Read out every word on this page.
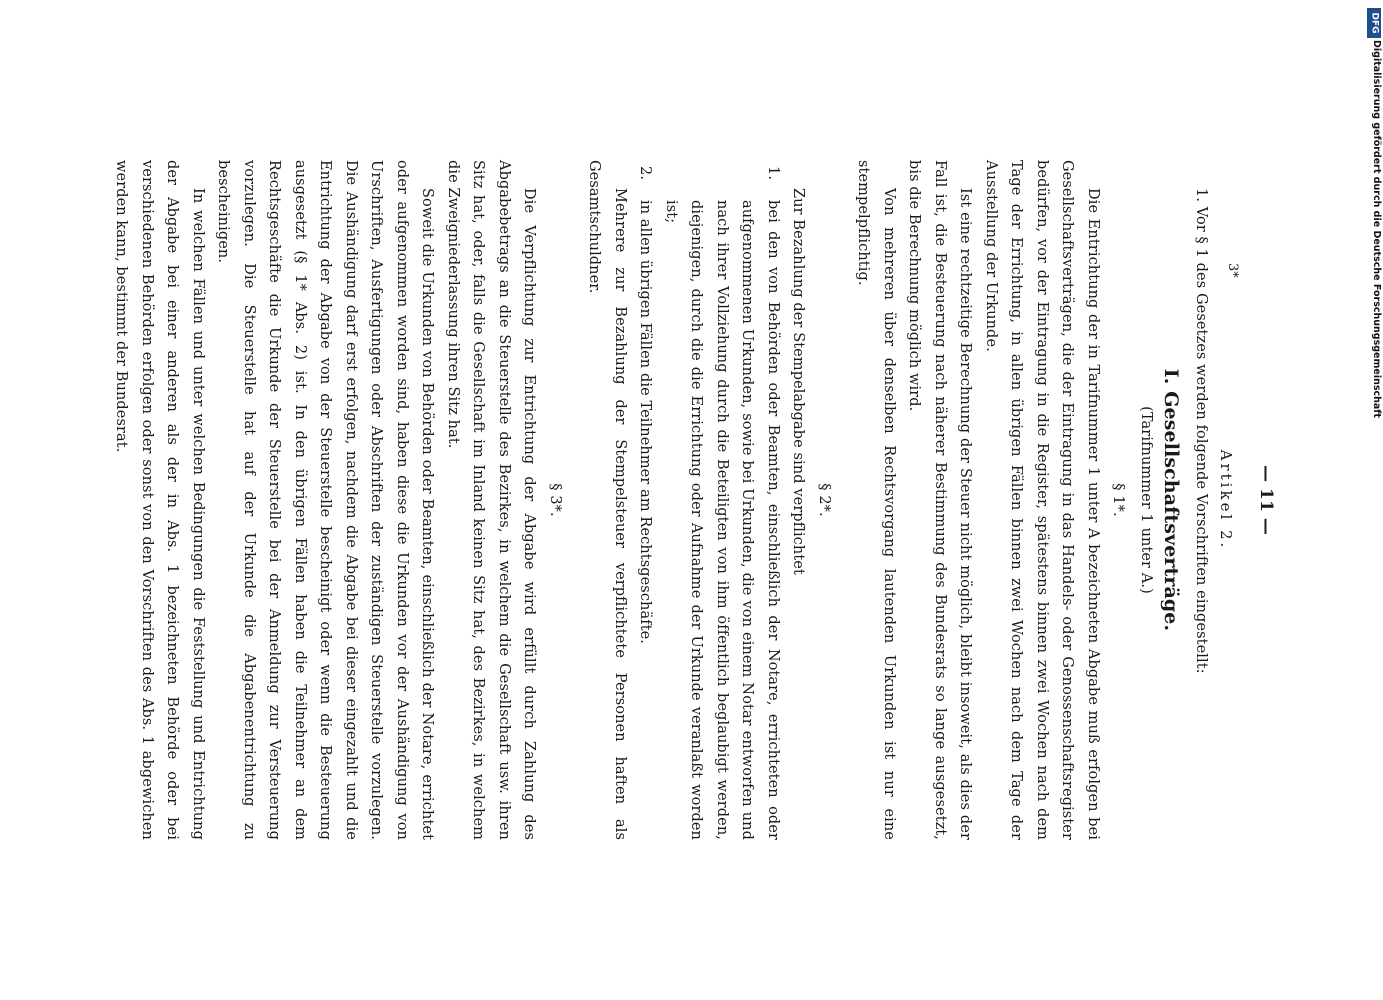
— 11 —
Artikel 2.

1. Vor § 1 des Gesetzes werden folgende Vorschriften eingestellt:

I. Gesellschaftsverträge.
(Tarifnummer 1 unter A.)
§ 1*.

Die Entrichtung der in Tarifnummer 1 unter A bezeichneten Abgabe muß erfolgen bei Gesellschaftsverträgen, die der Eintragung in das Handels- oder Genossenschaftsregister bedürfen, vor der Eintragung in die Register, spätestens binnen zwei Wochen nach dem Tage der Errichtung, in allen übrigen Fällen binnen zwei Wochen nach dem Tage der Ausstellung der Urkunde.

Ist eine rechtzeitige Berechnung der Steuer nicht möglich, bleibt insoweit, als dies der Fall ist, die Besteuerung nach näherer Bestimmung des Bundesrats so lange ausgesetzt, bis die Berechnung möglich wird.

Von mehreren über denselben Rechtsvorgang lautenden Urkunden ist nur eine stempelpflichtig.

§ 2*.

Zur Bezahlung der Stempelabgabe sind verpflichtet

1.
bei den von Behörden oder Beamten, einschließlich der Notare, errichteten oder aufgenommenen Urkunden, sowie bei Urkunden, die von einem Notar entworfen und nach ihrer Vollziehung durch die Beteiligten von ihm öffentlich beglaubigt werden, diejenigen, durch die die Errichtung oder Aufnahme der Urkunde veranlaßt worden ist;
2.
in allen übrigen Fällen die Teilnehmer am Rechtsgeschäfte.

Mehrere zur Bezahlung der Stempelsteuer verpflichtete Personen haften als Gesamtschuldner.

§ 3*.

Die Verpflichtung zur Entrichtung der Abgabe wird erfüllt durch Zahlung des Abgabebetrags an die Steuerstelle des Bezirkes, in welchem die Gesellschaft usw. ihren Sitz hat, oder, falls die Gesellschaft im Inland keinen Sitz hat, des Bezirkes, in welchem die Zweigniederlassung ihren Sitz hat.

Soweit die Urkunden von Behörden oder Beamten, einschließlich der Notare, errichtet oder aufgenommen worden sind, haben diese die Urkunden vor der Aushändigung von Urschriften, Ausfertigungen oder Abschriften der zuständigen Steuerstelle vorzulegen. Die Aushändigung darf erst erfolgen, nachdem die Abgabe bei dieser eingezahlt und die Entrichtung der Abgabe von der Steuerstelle bescheinigt oder wenn die Besteuerung ausgesetzt (§ 1* Abs. 2) ist. In den übrigen Fällen haben die Teilnehmer an dem Rechtsgeschäfte die Urkunde der Steuerstelle bei der Anmeldung zur Versteuerung vorzulegen. Die Steuerstelle hat auf der Urkunde die Abgabenentrichtung zu bescheinigen.

In welchen Fällen und unter welchen Bedingungen die Feststellung und Entrichtung der Abgabe bei einer anderen als der in Abs. 1 bezeichneten Behörde oder bei verschiedenen Behörden erfolgen oder sonst von den Vorschriften des Abs. 1 abgewichen werden kann, bestimmt der Bundesrat.	3*
DFG
Digitalisierung gefördert durch die Deutsche Forschungsgemeinschaft
